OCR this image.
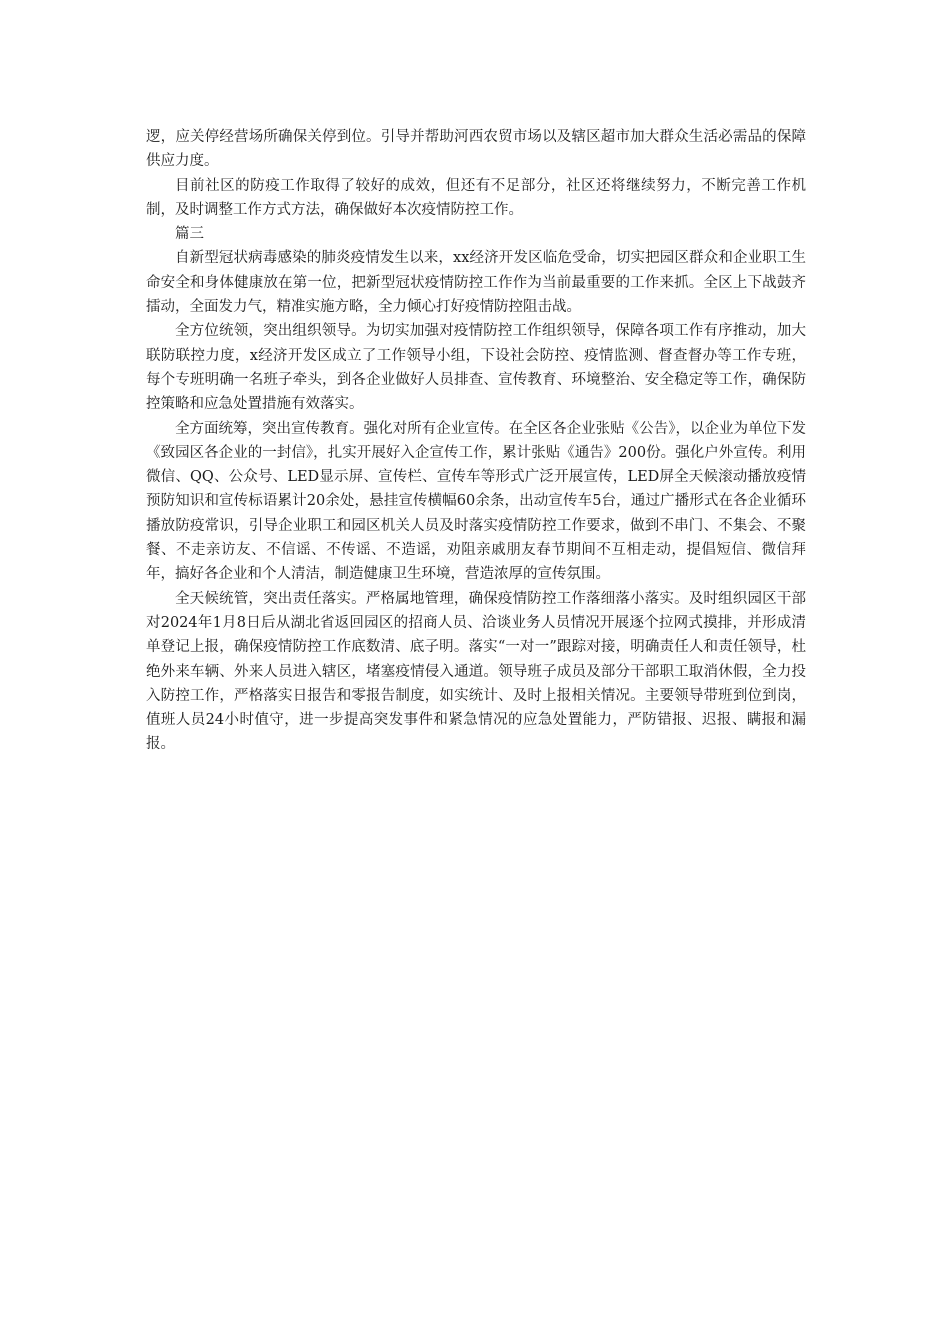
逻，应关停经营场所确保关停到位。引导并帮助河西农贸市场以及辖区超市加大群众生活必需品的保障供应力度。

目前社区的防疫工作取得了较好的成效，但还有不足部分，社区还将继续努力，不断完善工作机制，及时调整工作方式方法，确保做好本次疫情防控工作。

篇三

自新型冠状病毒感染的肺炎疫情发生以来，xx经济开发区临危受命，切实把园区群众和企业职工生命安全和身体健康放在第一位，把新型冠状疫情防控工作作为当前最重要的工作来抓。全区上下战鼓齐擂动，全面发力气，精准实施方略，全力倾心打好疫情防控阻击战。

全方位统领，突出组织领导。为切实加强对疫情防控工作组织领导，保障各项工作有序推动，加大联防联控力度，x经济开发区成立了工作领导小组，下设社会防控、疫情监测、督查督办等工作专班，每个专班明确一名班子牵头，到各企业做好人员排查、宣传教育、环境整治、安全稳定等工作，确保防控策略和应急处置措施有效落实。

全方面统筹，突出宣传教育。强化对所有企业宣传。在全区各企业张贴《公告》，以企业为单位下发《致园区各企业的一封信》，扎实开展好入企宣传工作，累计张贴《通告》200份。强化户外宣传。利用微信、QQ、公众号、LED显示屏、宣传栏、宣传车等形式广泛开展宣传，LED屏全天候滚动播放疫情预防知识和宣传标语累计20余处，悬挂宣传横幅60余条，出动宣传车5台，通过广播形式在各企业循环播放防疫常识，引导企业职工和园区机关人员及时落实疫情防控工作要求，做到不串门、不集会、不聚餐、不走亲访友、不信谣、不传谣、不造谣，劝阻亲戚朋友春节期间不互相走动，提倡短信、微信拜年，搞好各企业和个人清洁，制造健康卫生环境，营造浓厚的宣传氛围。

全天候统管，突出责任落实。严格属地管理，确保疫情防控工作落细落小落实。及时组织园区干部对2024年1月8日后从湖北省返回园区的招商人员、洽谈业务人员情况开展逐个拉网式摸排，并形成清单登记上报，确保疫情防控工作底数清、底子明。落实“一对一”跟踪对接，明确责任人和责任领导，杜绝外来车辆、外来人员进入辖区，堵塞疫情侵入通道。领导班子成员及部分干部职工取消休假，全力投入防控工作，严格落实日报告和零报告制度，如实统计、及时上报相关情况。主要领导带班到位到岗，值班人员24小时值守，进一步提高突发事件和紧急情况的应急处置能力，严防错报、迟报、瞒报和漏报。
